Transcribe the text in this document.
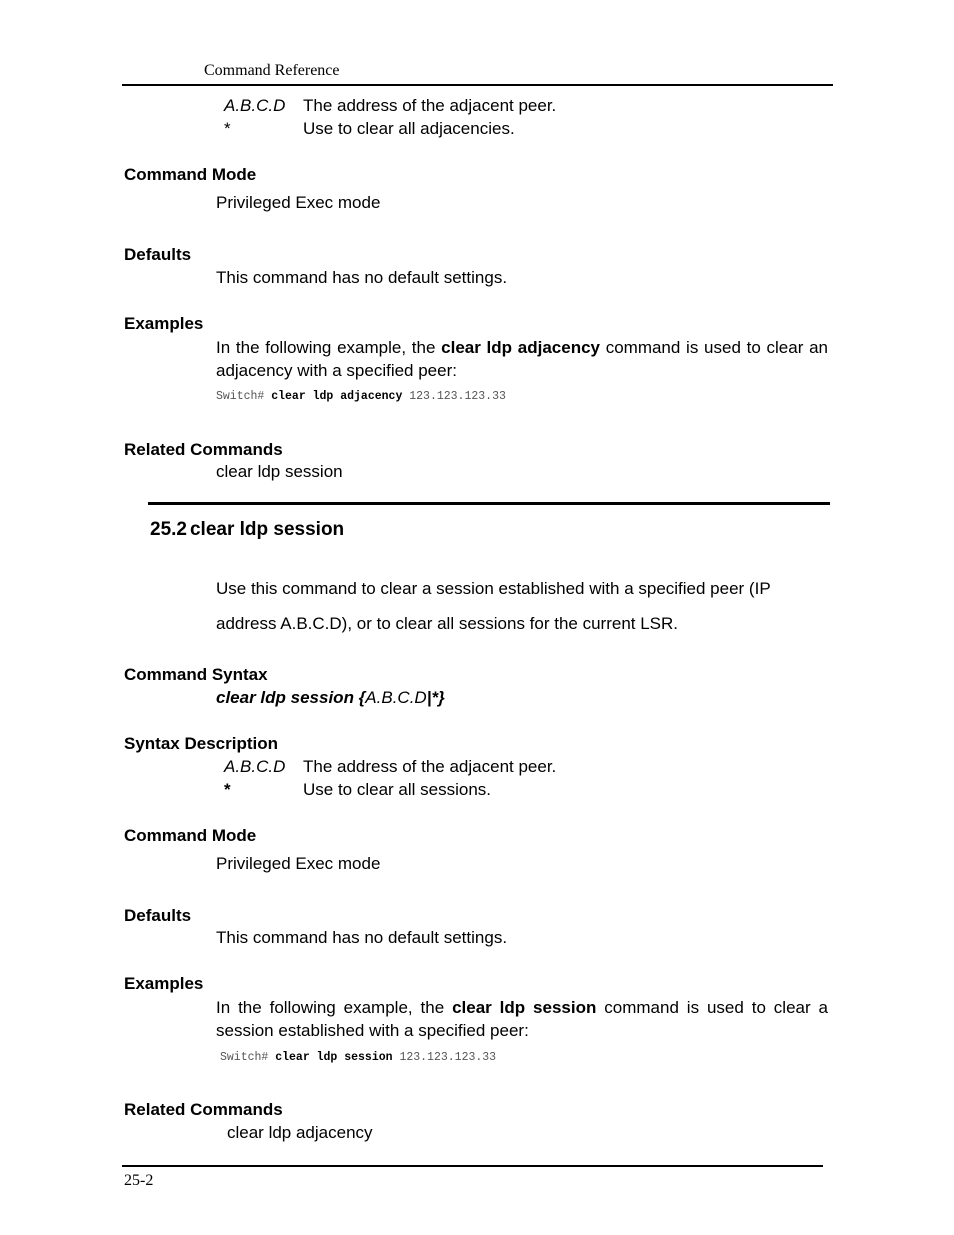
Command Reference
A.B.C.D The address of the adjacent peer.
*	Use to clear all adjacencies.
Command Mode
Privileged Exec mode
Defaults
This command has no default settings.
Examples
In the following example, the clear ldp adjacency command is used to clear an adjacency with a specified peer:
Switch# clear ldp adjacency 123.123.123.33
Related Commands
clear ldp session
25.2 clear ldp session
Use this command to clear a session established with a specified peer (IP
address A.B.C.D), or to clear all sessions for the current LSR.
Command Syntax
clear ldp session {A.B.C.D|*}
Syntax Description
A.B.C.D The address of the adjacent peer.
*	Use to clear all sessions.
Command Mode
Privileged Exec mode
Defaults
This command has no default settings.
Examples
In the following example, the clear ldp session command is used to clear a session established with a specified peer:
Switch# clear ldp session 123.123.123.33
Related Commands
clear ldp adjacency
25-2
